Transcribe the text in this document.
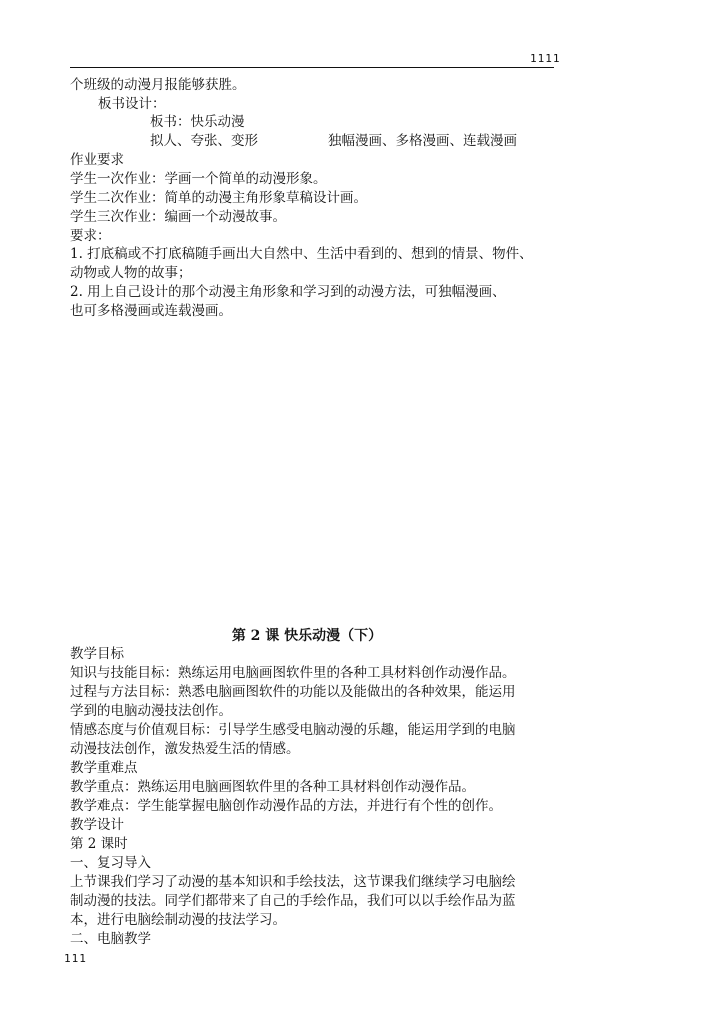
1111
个班级的动漫月报能够获胜。
板书设计：
板书：快乐动漫
拟人、夸张、变形	独幅漫画、多格漫画、连载漫画
作业要求
学生一次作业：学画一个简单的动漫形象。
学生二次作业：简单的动漫主角形象草稿设计画。
学生三次作业：编画一个动漫故事。
要求：
1. 打底稿或不打底稿随手画出大自然中、生活中看到的、想到的情景、物件、
动物或人物的故事；
2. 用上自己设计的那个动漫主角形象和学习到的动漫方法，可独幅漫画、
也可多格漫画或连载漫画。
第 2 课 快乐动漫（下）
教学目标
知识与技能目标：熟练运用电脑画图软件里的各种工具材料创作动漫作品。
过程与方法目标：熟悉电脑画图软件的功能以及能做出的各种效果，能运用
学到的电脑动漫技法创作。
情感态度与价值观目标：引导学生感受电脑动漫的乐趣，能运用学到的电脑
动漫技法创作，激发热爱生活的情感。
教学重难点
教学重点：熟练运用电脑画图软件里的各种工具材料创作动漫作品。
教学难点：学生能掌握电脑创作动漫作品的方法，并进行有个性的创作。
教学设计
第 2 课时
一、复习导入
上节课我们学习了动漫的基本知识和手绘技法，这节课我们继续学习电脑绘
制动漫的技法。同学们都带来了自己的手绘作品，我们可以以手绘作品为蓝
本，进行电脑绘制动漫的技法学习。
二、电脑教学
111
